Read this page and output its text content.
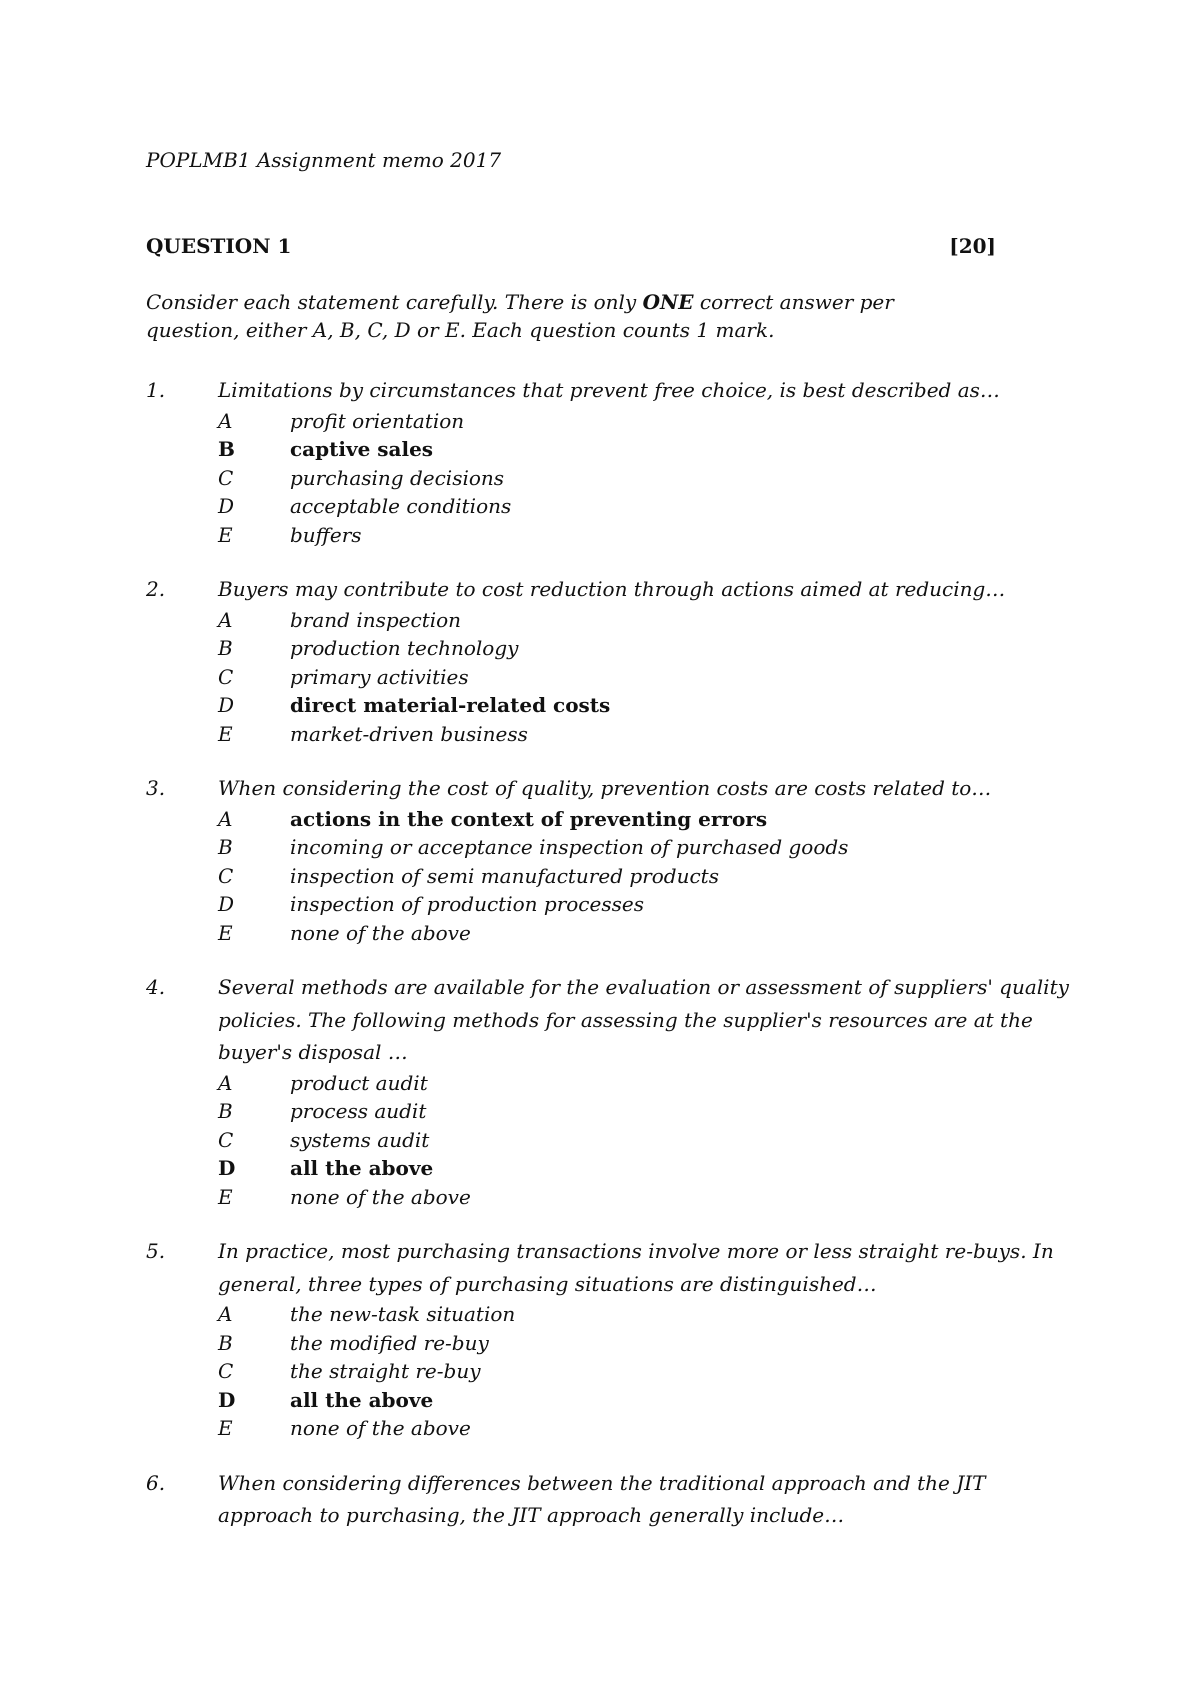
POPLMB1 Assignment memo 2017
QUESTION 1	[20]
Consider each statement carefully. There is only ONE correct answer per question, either A, B, C, D or E. Each question counts 1 mark.
1.	Limitations by circumstances that prevent free choice, is best described as…
A	profit orientation
B	captive sales
C	purchasing decisions
D	acceptable conditions
E	buffers
2.	Buyers may contribute to cost reduction through actions aimed at reducing…
A	brand inspection
B	production technology
C	primary activities
D	direct material-related costs
E	market-driven business
3.	When considering the cost of quality, prevention costs are costs related to…
A	actions in the context of preventing errors
B	incoming or acceptance inspection of purchased goods
C	inspection of semi manufactured products
D	inspection of production processes
E	none of the above
4.	Several methods are available for the evaluation or assessment of suppliers' quality policies. The following methods for assessing the supplier's resources are at the buyer's disposal …
A	product audit
B	process audit
C	systems audit
D	all the above
E	none of the above
5.	In practice, most purchasing transactions involve more or less straight re-buys. In general, three types of purchasing situations are distinguished…
A	the new-task situation
B	the modified re-buy
C	the straight re-buy
D	all the above
E	none of the above
6.	When considering differences between the traditional approach and the JIT approach to purchasing, the JIT approach generally include…
